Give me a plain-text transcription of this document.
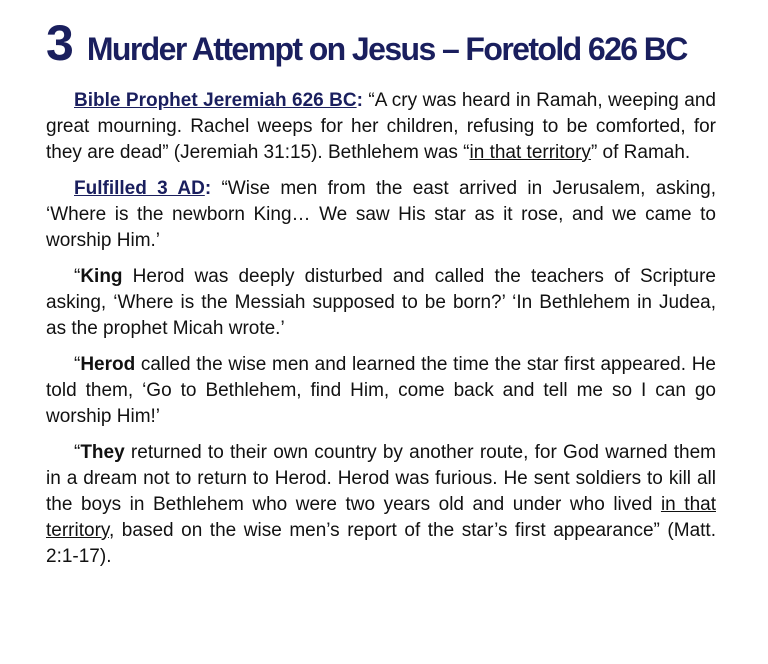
3 Murder Attempt on Jesus – Foretold 626 BC

Bible Prophet Jeremiah 626 BC: “A cry was heard in Ramah, weeping and great mourning. Rachel weeps for her children, refusing to be comforted, for they are dead” (Jeremiah 31:15). Bethlehem was “in that territory” of Ramah.

Fulfilled 3 AD: “Wise men from the east arrived in Jerusalem, asking, ‘Where is the newborn King… We saw His star as it rose, and we came to worship Him.’

“King Herod was deeply disturbed and called the teachers of Scripture asking, ‘Where is the Messiah supposed to be born?’ ‘In Bethlehem in Judea, as the prophet Micah wrote.’

“Herod called the wise men and learned the time the star first appeared. He told them, ‘Go to Bethlehem, find Him, come back and tell me so I can go worship Him!’

“They returned to their own country by another route, for God warned them in a dream not to return to Herod. Herod was furious. He sent soldiers to kill all the boys in Bethlehem who were two years old and under who lived in that territory, based on the wise men’s report of the star’s first appearance” (Matt. 2:1-17).
